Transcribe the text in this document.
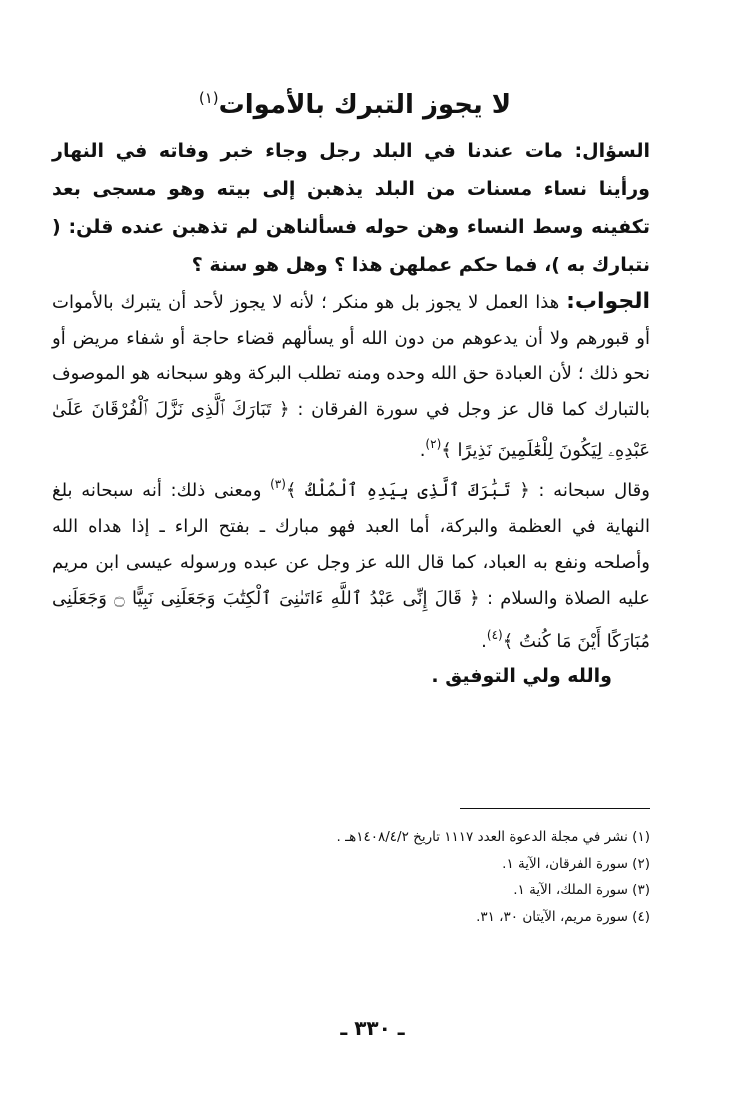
لا يجوز التبرك بالأموات$^{(١)}$
السؤال: مات عندنا في البلد رجل وجاء خبر وفاته في النهار ورأينا نساء مسنات من البلد يذهبن إلى بيته وهو مسجى بعد تكفينه وسط النساء وهن حوله فسألناهن لم تذهبن عنده قلن: ( نتبارك به )، فما حكم عملهن هذا ؟ وهل هو سنة ؟
الجواب: هذا العمل لا يجوز بل هو منكر ؛ لأنه لا يجوز لأحد أن يتبرك بالأموات أو قبورهم ولا أن يدعوهم من دون الله أو يسألهم قضاء حاجة أو شفاء مريض أو نحو ذلك ؛ لأن العبادة حق الله وحده ومنه تطلب البركة وهو سبحانه هو الموصوف بالتبارك كما قال عز وجل في سورة الفرقان : ﴿ تَبَارَكَ ٱلَّذِى نَزَّلَ ٱلْفُرْقَانَ عَلَىٰ عَبْدِهِۦ لِيَكُونَ لِلْعَٰلَمِينَ نَذِيرًا ﴾$^{(٢)}$.
وقال سبحانه : ﴿ تَبَٰرَكَ ٱلَّذِى بِيَدِهِ ٱلْمُلْكُ ﴾$^{(٣)}$ ومعنى ذلك: أنه سبحانه بلغ النهاية في العظمة والبركة، أما العبد فهو مبارك ـ بفتح الراء ـ إذا هداه الله وأصلحه ونفع به العباد، كما قال الله عز وجل عن عبده ورسوله عيسى ابن مريم عليه الصلاة والسلام : ﴿ قَالَ إِنِّى عَبْدُ ٱللَّهِ ءَاتَىٰنِىَ ٱلْكِتَٰبَ وَجَعَلَنِى نَبِيًّا ۝ وَجَعَلَنِى مُبَارَكًا أَيْنَ مَا كُنتُ ﴾$^{(٤)}$.
والله ولي التوفيق .
(١) نشر في مجلة الدعوة العدد ١١١٧ تاريخ ١٤٠٨/٤/٢هـ .
(٢) سورة الفرقان، الآية ١.
(٣) سورة الملك، الآية ١.
(٤) سورة مريم، الآيتان ٣٠، ٣١.
ـ ٣٣٠ ـ
